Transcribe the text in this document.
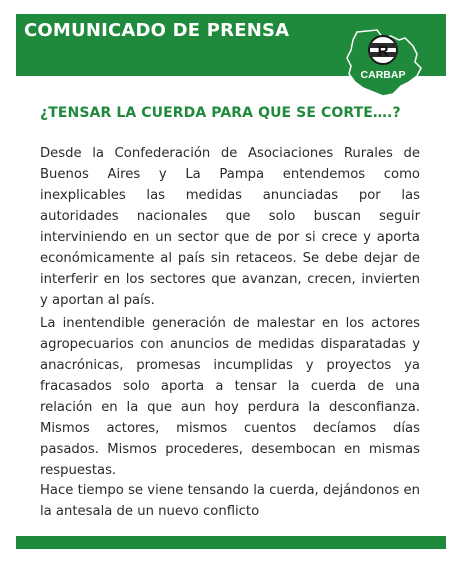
COMUNICADO DE PRENSA
R
CARBAP
¿TENSAR LA CUERDA PARA QUE SE CORTE….?

Desde la Confederación de Asociaciones Rurales de Buenos Aires y La Pampa entendemos como inexplicables las medidas anunciadas por las autoridades nacionales que solo buscan seguir interviniendo en un sector que de por si crece y aporta económicamente al país sin retaceos. Se debe dejar de interferir en los sectores que avanzan, crecen, invierten y aportan al país.

La inentendible generación de malestar en los actores agropecuarios con anuncios de medidas disparatadas y anacrónicas, promesas incumplidas y proyectos ya fracasados solo aporta a tensar la cuerda de una relación en la que aun hoy perdura la desconfianza. Mismos actores, mismos cuentos decíamos días pasados. Mismos procederes, desembocan en mismas respuestas.

Hace tiempo se viene tensando la cuerda, dejándonos en la antesala de un nuevo conflicto
